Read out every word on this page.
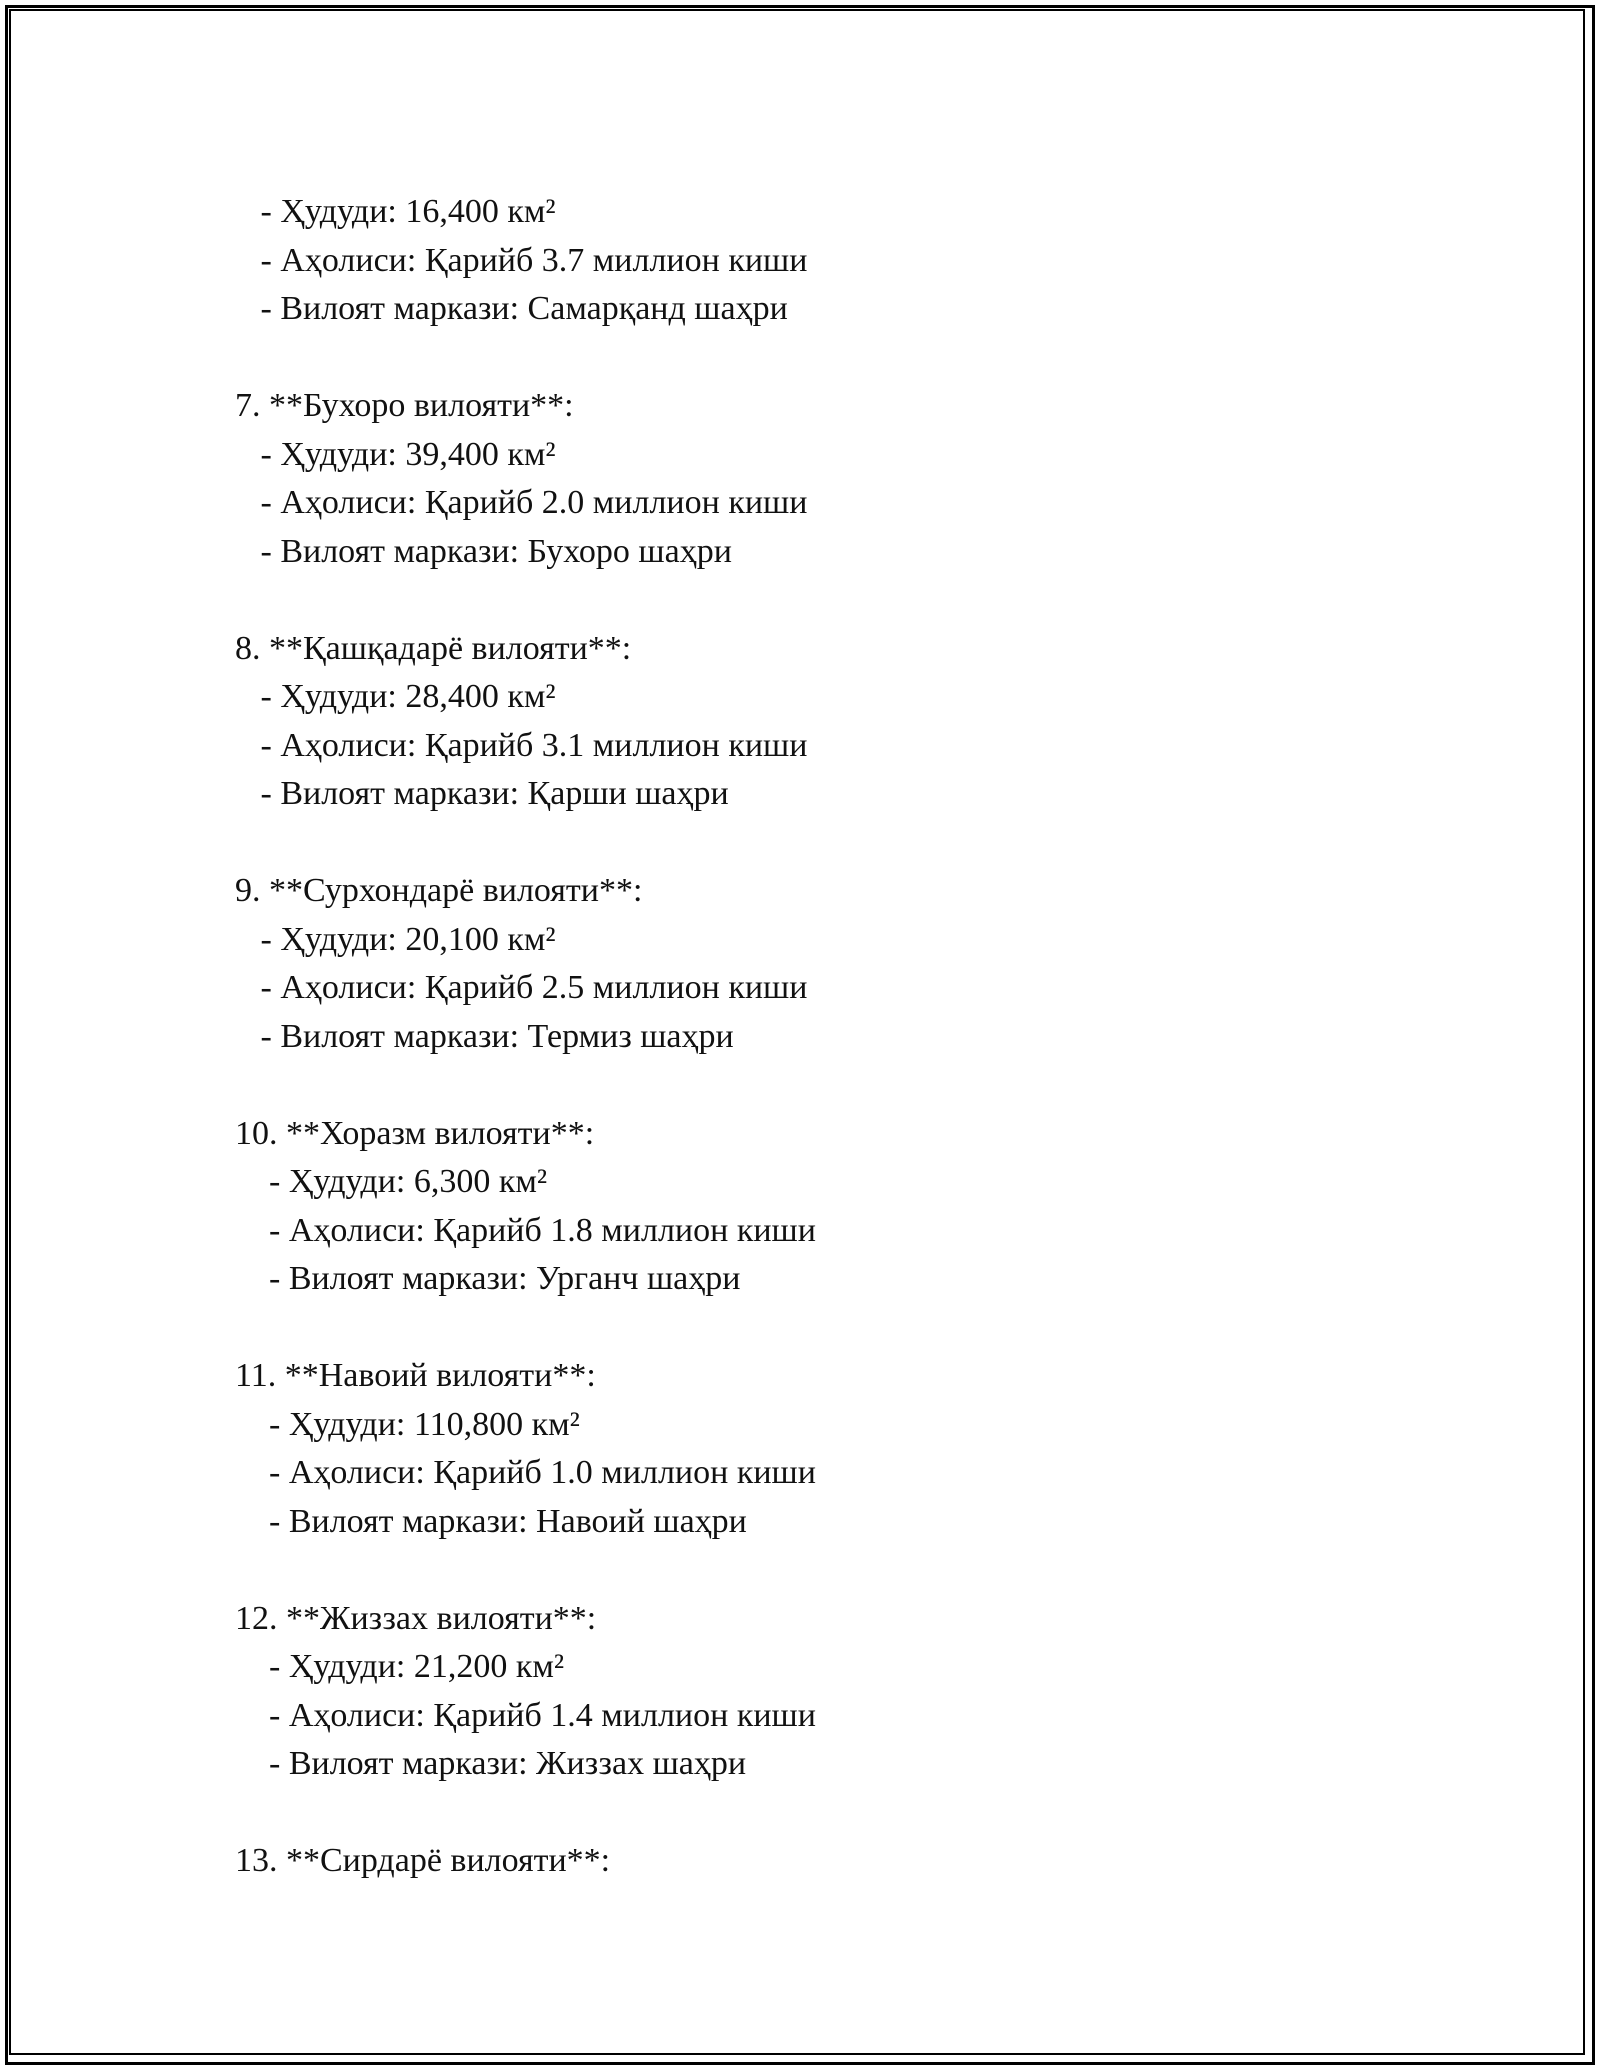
- Ҳудуди: 16,400 км²
- Аҳолиси: Қарийб 3.7 миллион киши
- Вилоят маркази: Самарқанд шаҳри
7. **Бухоро вилояти**:
- Ҳудуди: 39,400 км²
- Аҳолиси: Қарийб 2.0 миллион киши
- Вилоят маркази: Бухоро шаҳри
8. **Қашқадарё вилояти**:
- Ҳудуди: 28,400 км²
- Аҳолиси: Қарийб 3.1 миллион киши
- Вилоят маркази: Қарши шаҳри
9. **Сурхондарё вилояти**:
- Ҳудуди: 20,100 км²
- Аҳолиси: Қарийб 2.5 миллион киши
- Вилоят маркази: Термиз шаҳри
10. **Хоразм вилояти**:
- Ҳудуди: 6,300 км²
- Аҳолиси: Қарийб 1.8 миллион киши
- Вилоят маркази: Урганч шаҳри
11. **Навоий вилояти**:
- Ҳудуди: 110,800 км²
- Аҳолиси: Қарийб 1.0 миллион киши
- Вилоят маркази: Навоий шаҳри
12. **Жиззах вилояти**:
- Ҳудуди: 21,200 км²
- Аҳолиси: Қарийб 1.4 миллион киши
- Вилоят маркази: Жиззах шаҳри
13. **Сирдарё вилояти**:
